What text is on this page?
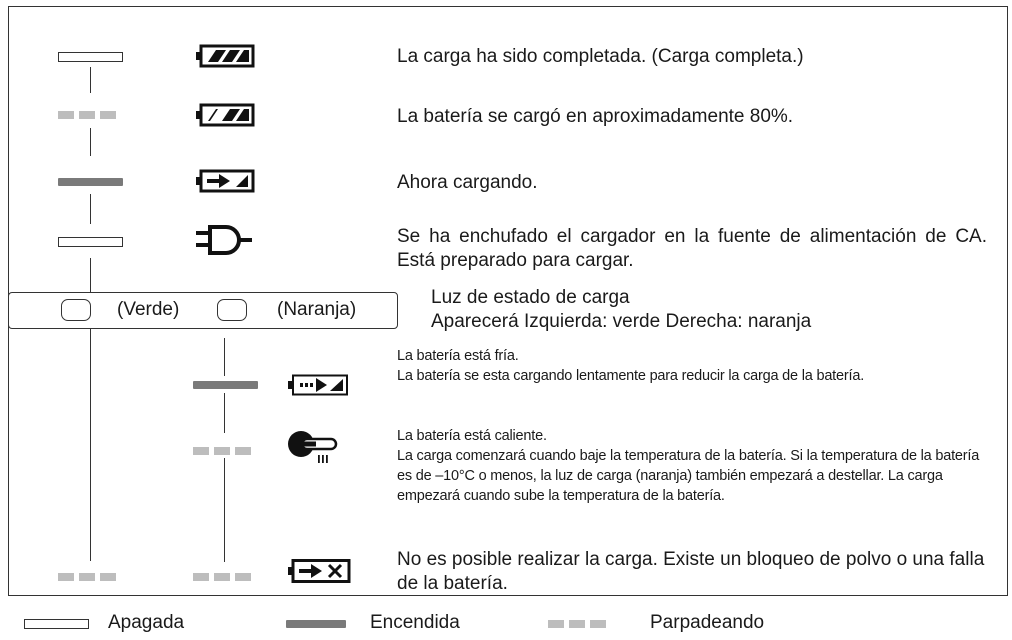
La carga ha sido completada. (Carga completa.)
La batería se cargó en aproximadamente 80%.
Ahora cargando.
Se ha enchufado el cargador en la fuente de alimentación de CA. Está preparado para cargar.
(Verde)	(Naranja)
Luz de estado de carga
Aparecerá Izquierda: verde Derecha: naranja
La batería está fría.
La batería se esta cargando lentamente para reducir la carga de la batería.
La batería está caliente.
La carga comenzará cuando baje la temperatura de la batería. Si la temperatura de la batería es de –10°C o menos, la luz de carga (naranja) también empezará a destellar. La carga empezará cuando sube la temperatura de la batería.
No es posible realizar la carga. Existe un bloqueo de polvo o una falla de la batería.
Apagada	Encendida	Parpadeando
